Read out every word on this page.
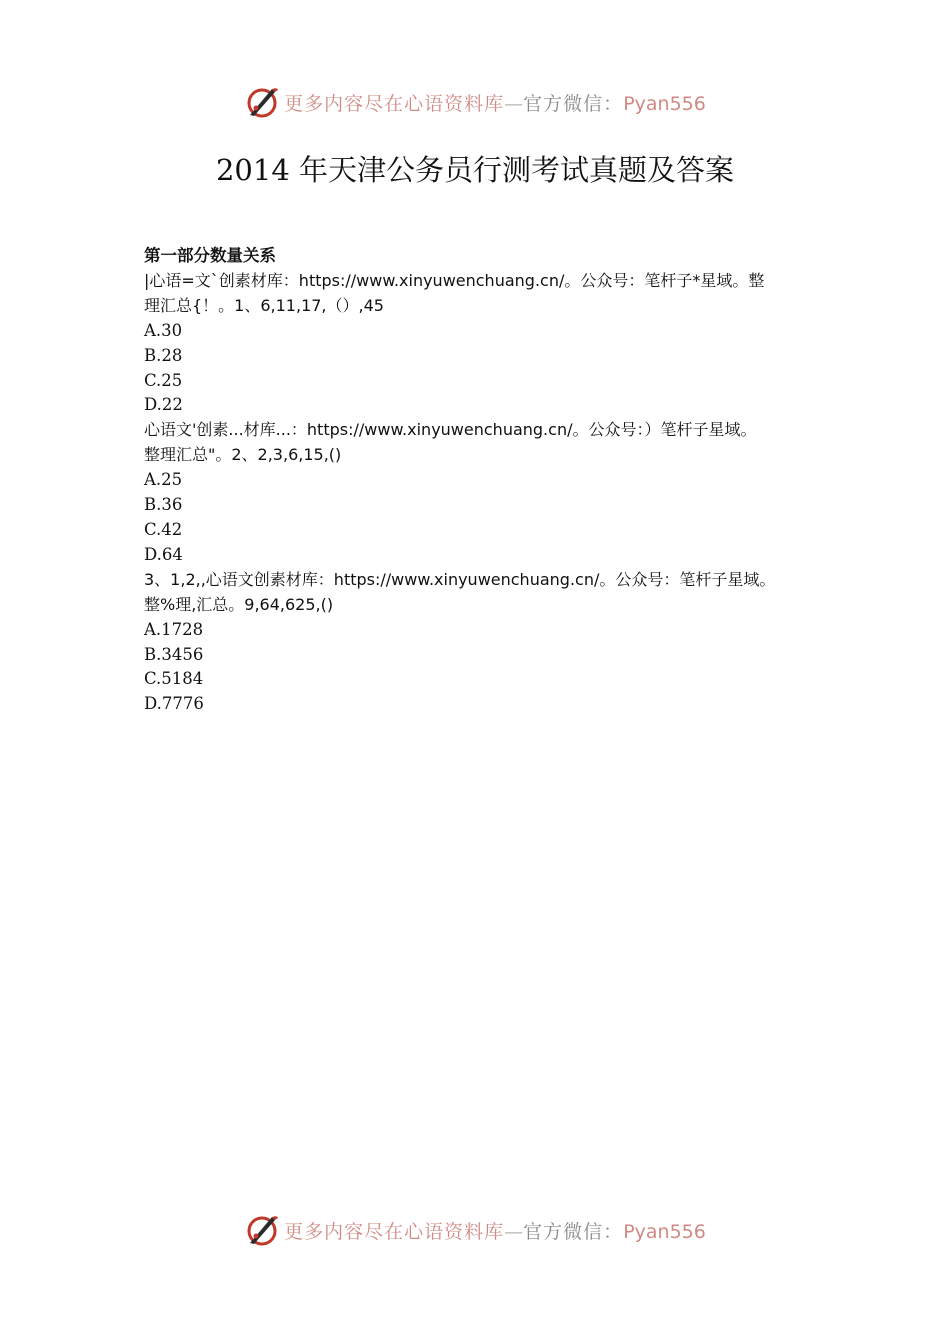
更多内容尽在心语资料库—官方微信：Pyan556
2014 年天津公务员行测考试真题及答案

第一部分数量关系

|心语=文`创素材库：https://www.xinyuwenchuang.cn/。公众号：笔杆子*星域。整

理汇总{！。1、6,11,17,（）,45

A.30

B.28

C.25

D.22

心语文'创素...材库...：https://www.xinyuwenchuang.cn/。公众号：）笔杆子星域。

整理汇总"。2、2,3,6,15,()

A.25

B.36

C.42

D.64

3、1,2,,心语文创素材库：https://www.xinyuwenchuang.cn/。公众号：笔杆子星域。

整%理,汇总。9,64,625,()

A.1728

B.3456

C.5184

D.7776

更多内容尽在心语资料库—官方微信：Pyan556
